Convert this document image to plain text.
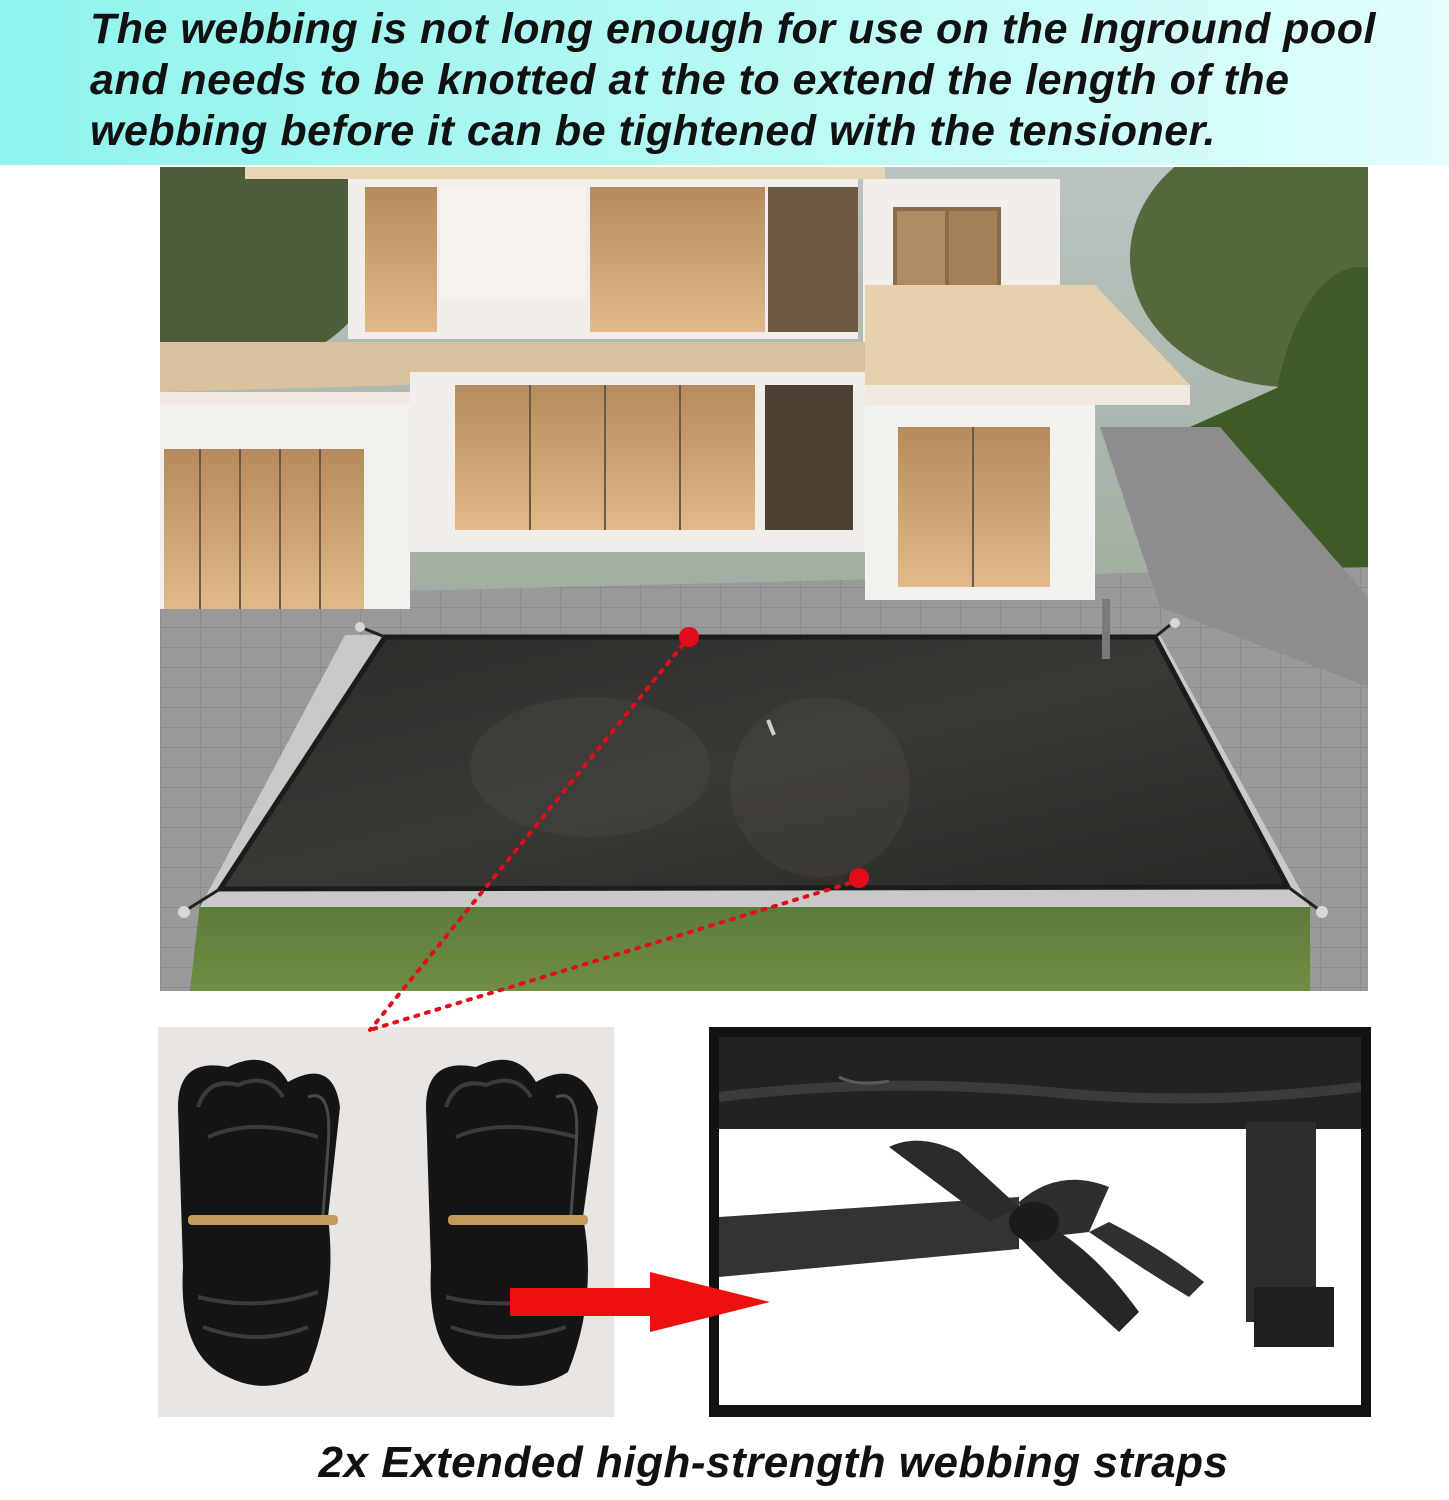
The webbing is not long enough for use on the Inground pool and needs to be knotted at the to extend the length of the webbing before it can be tightened with the tensioner.

2x Extended high-strength webbing straps
